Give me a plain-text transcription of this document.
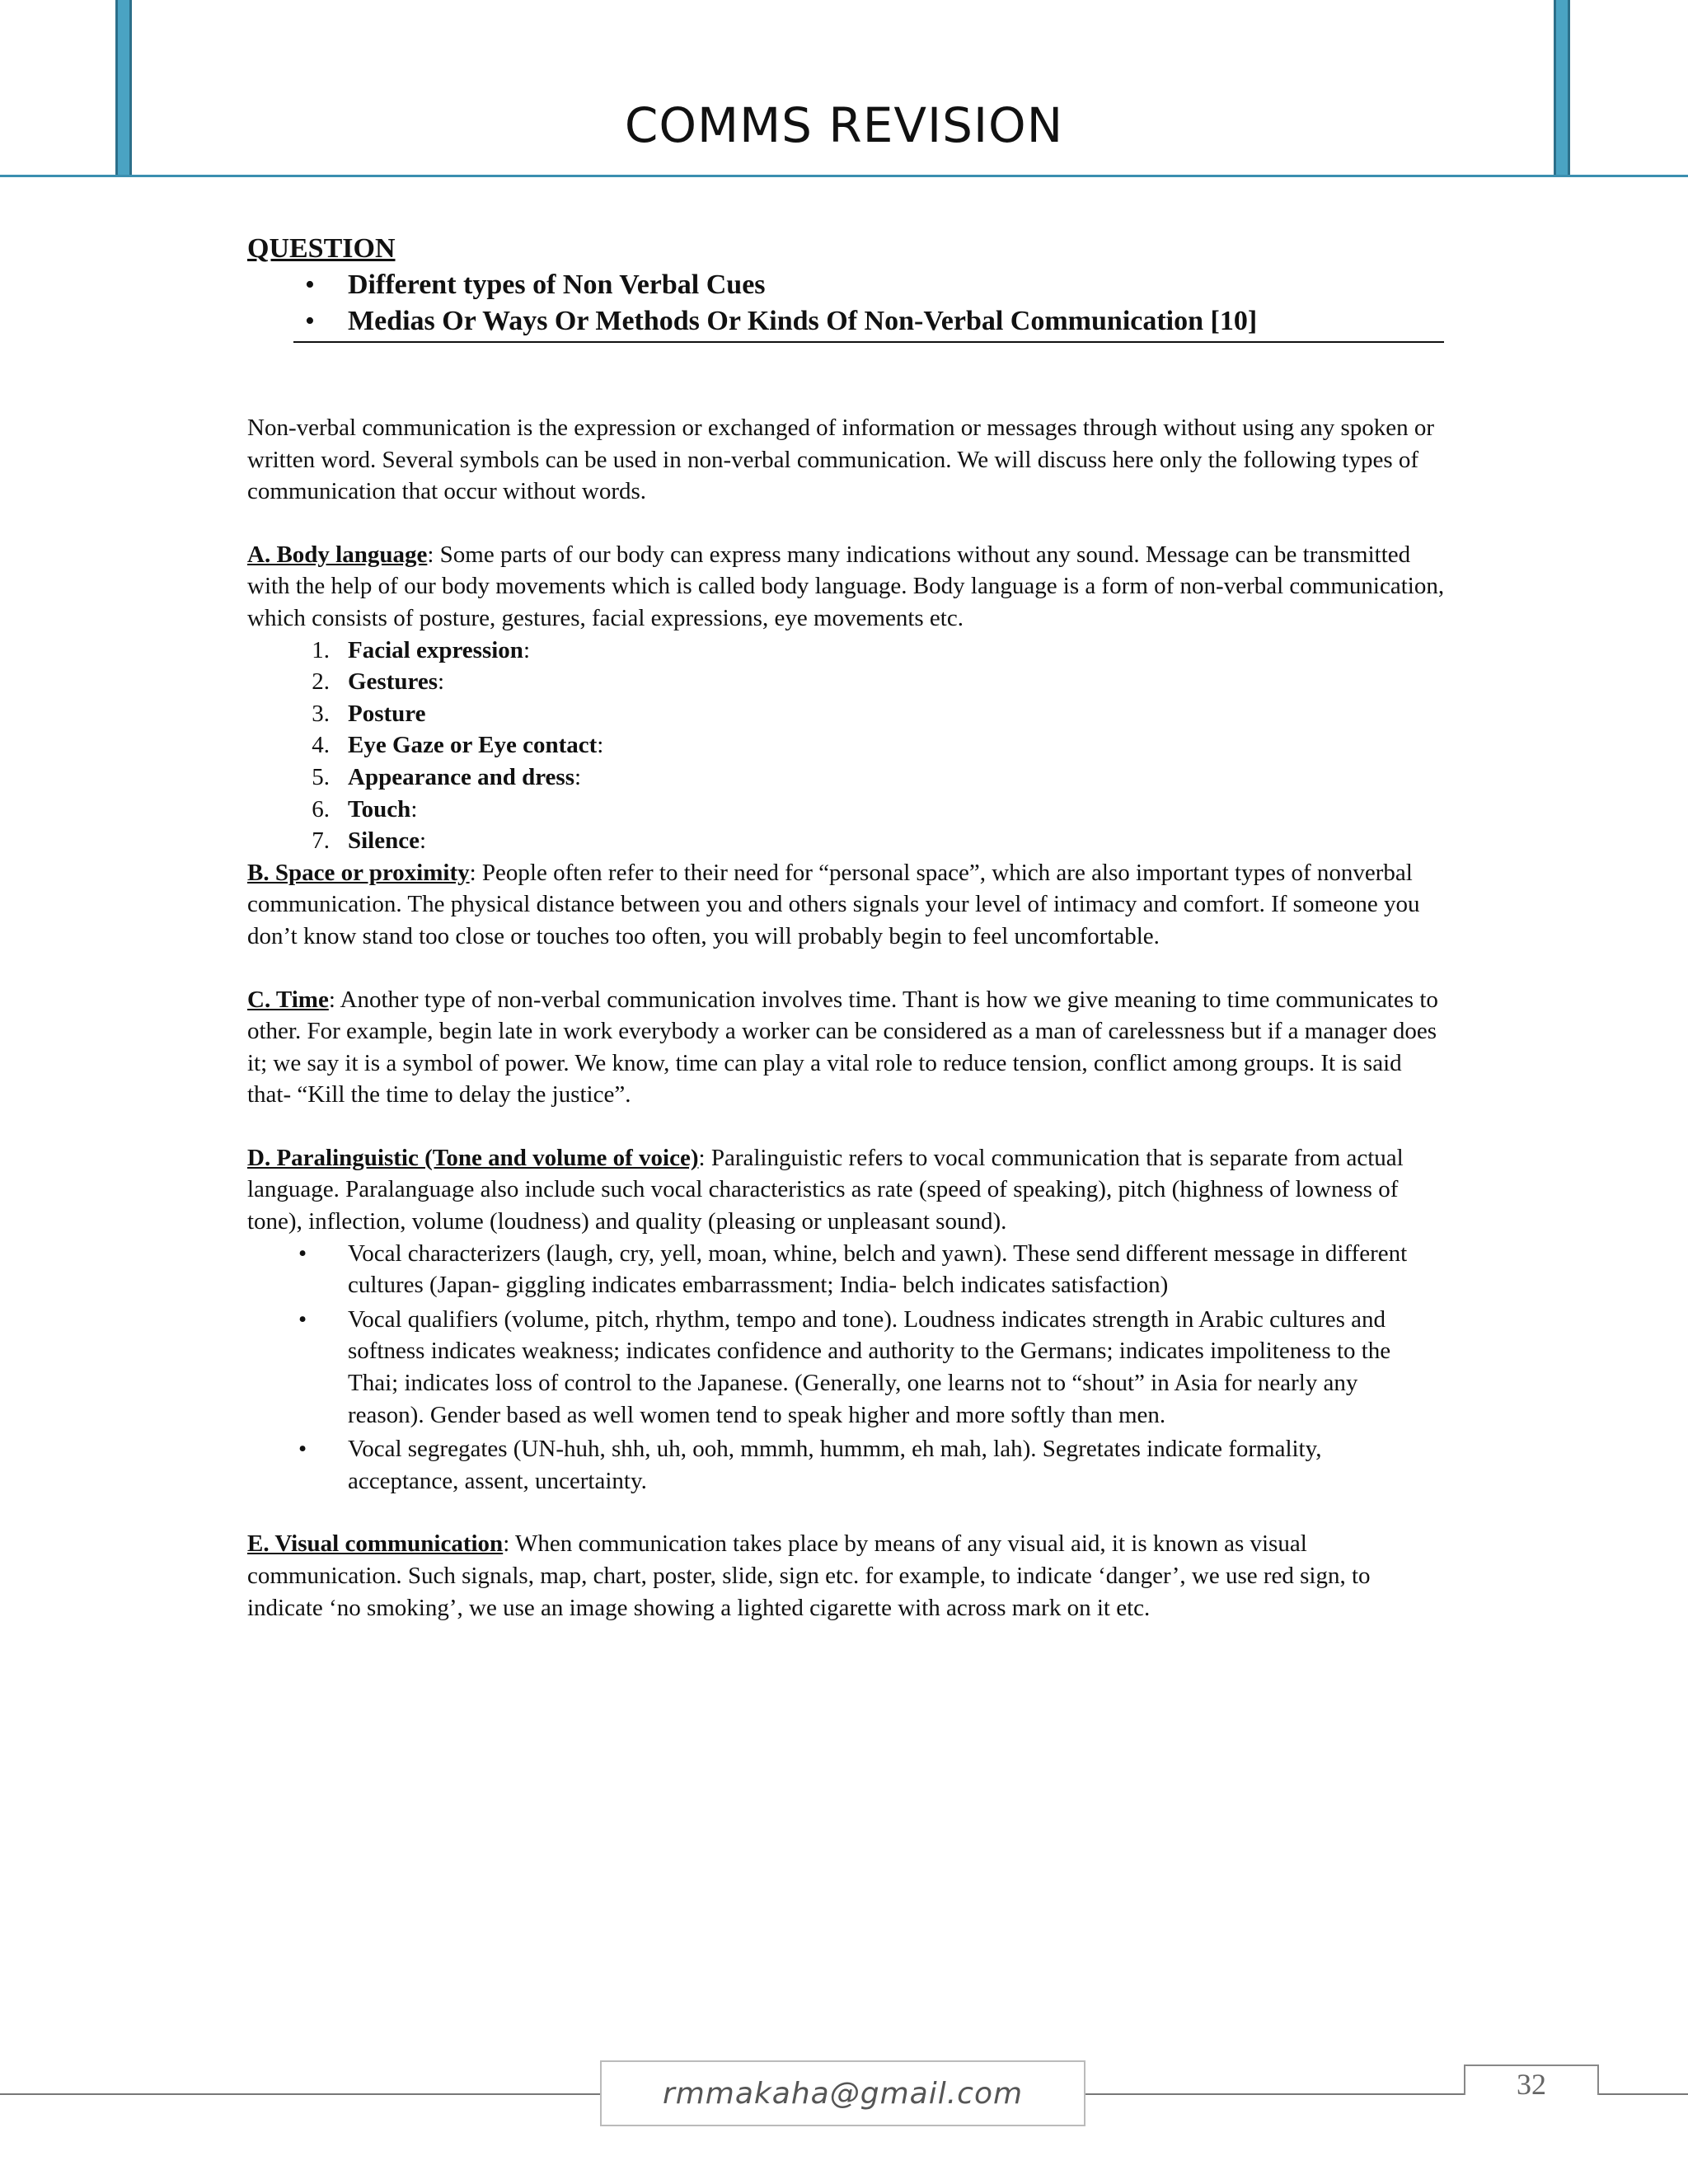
COMMS REVISION
QUESTION
• Different types of Non Verbal Cues
• Medias Or Ways Or Methods Or Kinds Of Non-Verbal Communication [10]

Non-verbal communication is the expression or exchanged of information or messages through without using any spoken or written word. Several symbols can be used in non-verbal communication. We will discuss here only the following types of communication that occur without words.

A. Body language: Some parts of our body can express many indications without any sound. Message can be transmitted with the help of our body movements which is called body language. Body language is a form of non-verbal communication, which consists of posture, gestures, facial expressions, eye movements etc.

1. Facial expression:
2. Gestures:
3. Posture
4. Eye Gaze or Eye contact:
5. Appearance and dress:
6. Touch:
7. Silence:

B. Space or proximity: People often refer to their need for “personal space”, which are also important types of nonverbal communication. The physical distance between you and others signals your level of intimacy and comfort. If someone you don’t know stand too close or touches too often, you will probably begin to feel uncomfortable.

C. Time: Another type of non-verbal communication involves time. Thant is how we give meaning to time communicates to other. For example, begin late in work everybody a worker can be considered as a man of carelessness but if a manager does it; we say it is a symbol of power. We know, time can play a vital role to reduce tension, conflict among groups. It is said that- “Kill the time to delay the justice”.

D. Paralinguistic (Tone and volume of voice): Paralinguistic refers to vocal communication that is separate from actual language. Paralanguage also include such vocal characteristics as rate (speed of speaking), pitch (highness of lowness of tone), inflection, volume (loudness) and quality (pleasing or unpleasant sound).

• Vocal characterizers (laugh, cry, yell, moan, whine, belch and yawn). These send different message in different cultures (Japan- giggling indicates embarrassment; India- belch indicates satisfaction)
• Vocal qualifiers (volume, pitch, rhythm, tempo and tone). Loudness indicates strength in Arabic cultures and softness indicates weakness; indicates confidence and authority to the Germans; indicates impoliteness to the Thai; indicates loss of control to the Japanese. (Generally, one learns not to “shout” in Asia for nearly any reason). Gender based as well women tend to speak higher and more softly than men.
• Vocal segregates (UN-huh, shh, uh, ooh, mmmh, hummm, eh mah, lah). Segretates indicate formality, acceptance, assent, uncertainty.

E. Visual communication: When communication takes place by means of any visual aid, it is known as visual communication. Such signals, map, chart, poster, slide, sign etc. for example, to indicate ‘danger’, we use red sign, to indicate ‘no smoking’, we use an image showing a lighted cigarette with across mark on it etc.

rmmakaha@gmail.com	32
